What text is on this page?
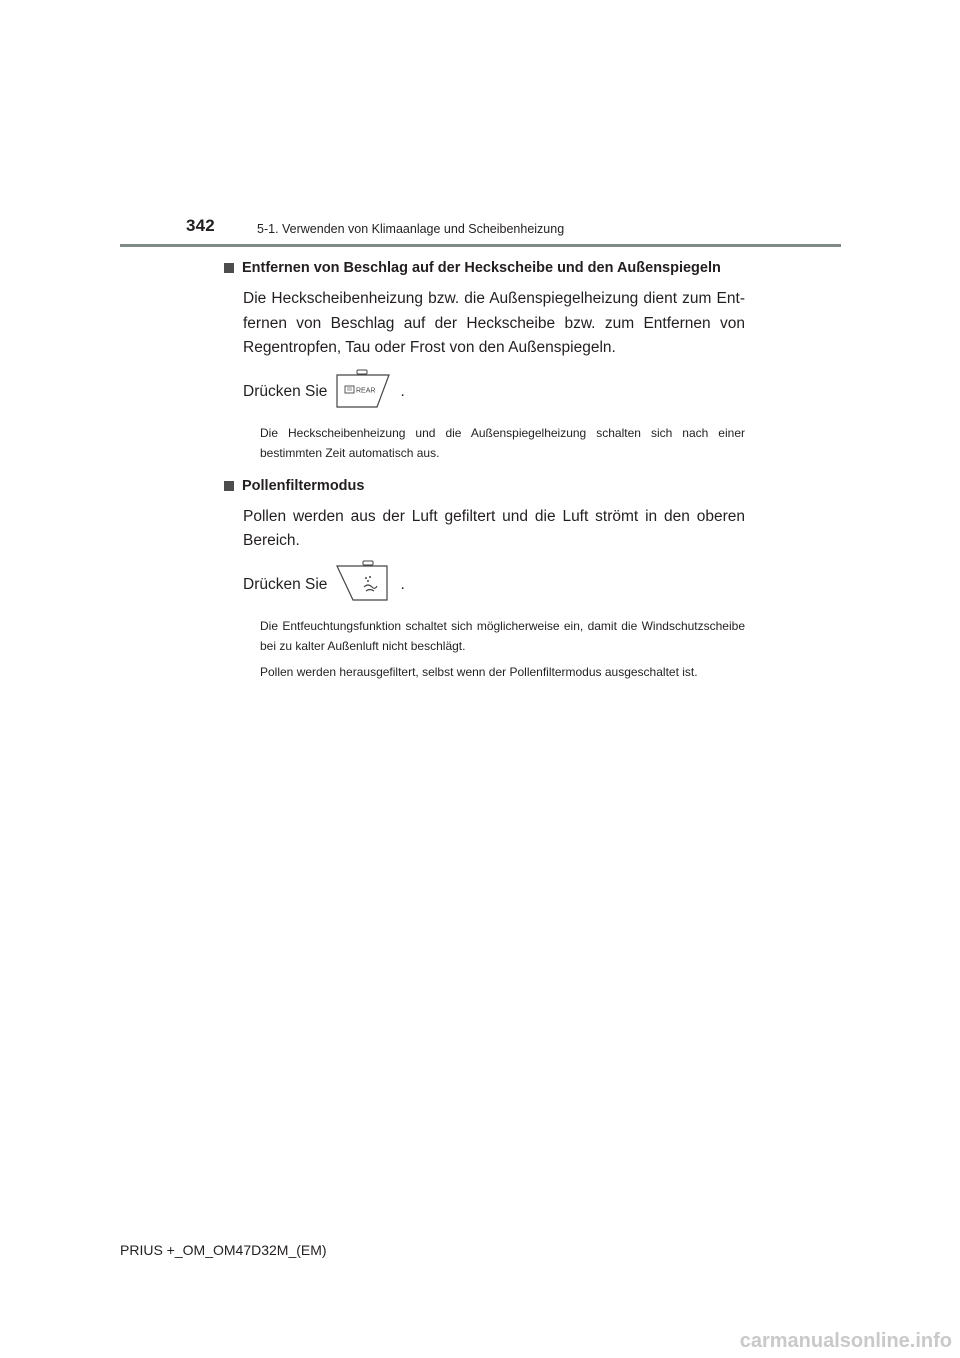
342	5-1. Verwenden von Klimaanlage und Scheibenheizung
Entfernen von Beschlag auf der Heckscheibe und den Außenspiegeln

Die Heckscheibenheizung bzw. die Außenspiegelheizung dient zum Entfernen von Beschlag auf der Heckscheibe bzw. zum Entfernen von Regentropfen, Tau oder Frost von den Außenspiegeln.

Drücken Sie	REAR .

Die Heckscheibenheizung und die Außenspiegelheizung schalten sich nach einer bestimmten Zeit automatisch aus.

Pollenfiltermodus

Pollen werden aus der Luft gefiltert und die Luft strömt in den oberen Bereich.

Drücken Sie	.

Die Entfeuchtungsfunktion schaltet sich möglicherweise ein, damit die Windschutzscheibe bei zu kalter Außenluft nicht beschlägt.

Pollen werden herausgefiltert, selbst wenn der Pollenfiltermodus ausgeschaltet ist.

PRIUS +_OM_OM47D32M_(EM)
carmanualsonline.info
